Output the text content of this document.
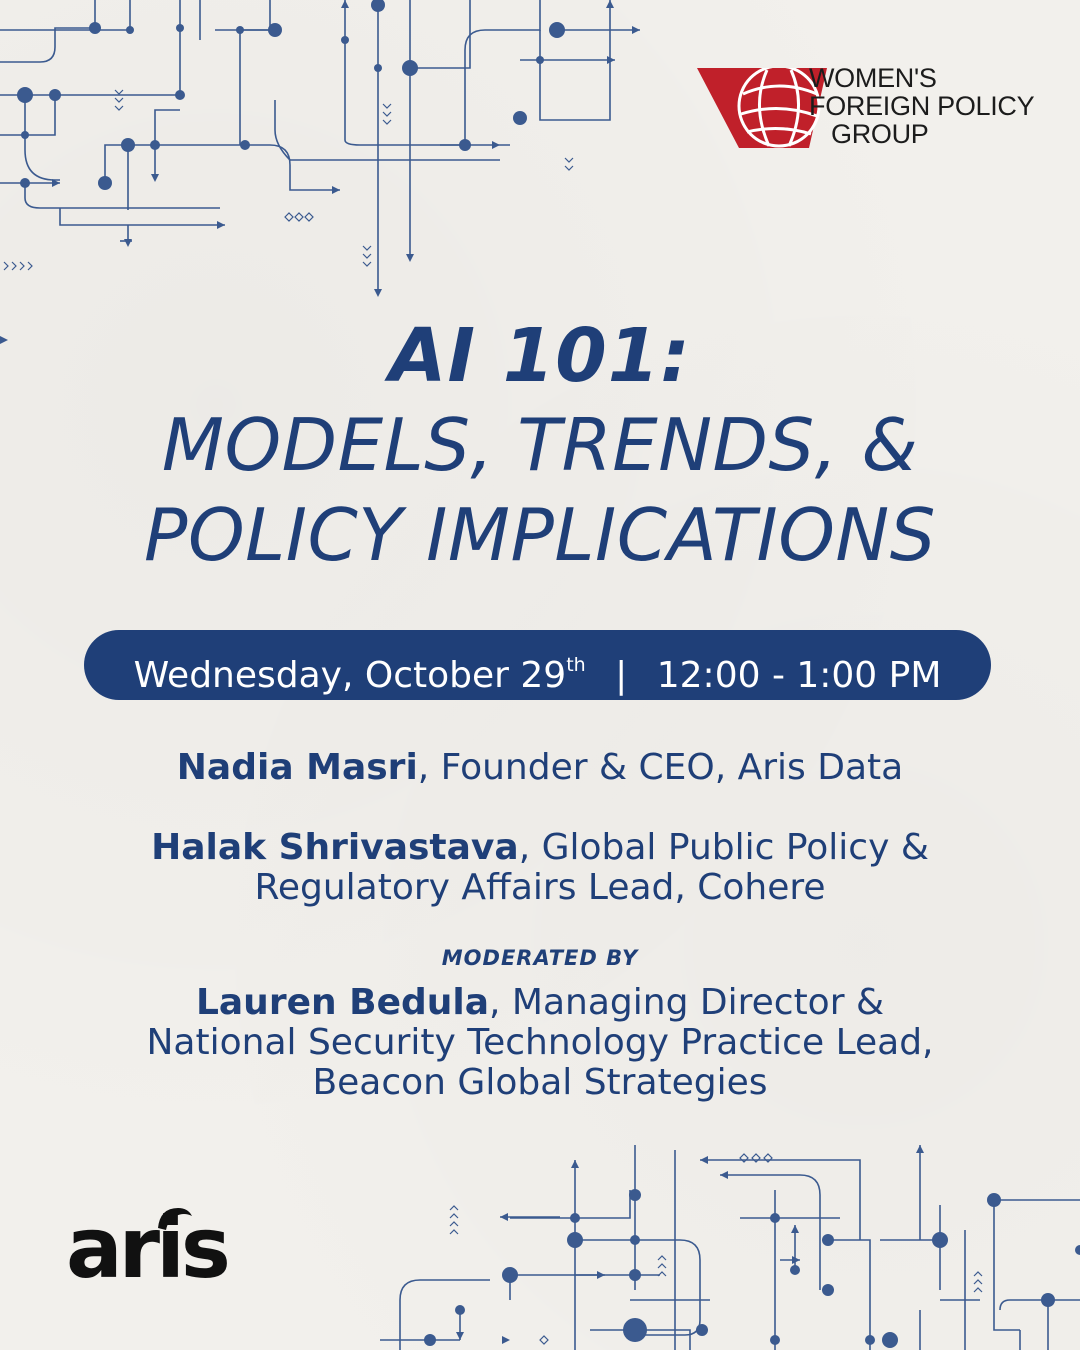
WOMEN'S
FOREIGN POLICY
GROUP
AI 101:
MODELS, TRENDS, &
POLICY IMPLICATIONS
Wednesday, October 29th | 12:00 - 1:00 PM
Nadia Masri, Founder & CEO, Aris Data
Halak Shrivastava, Global Public Policy &
Regulatory Affairs Lead, Cohere
MODERATED BY
Lauren Bedula, Managing Director &
National Security Technology Practice Lead,
Beacon Global Strategies
aris
